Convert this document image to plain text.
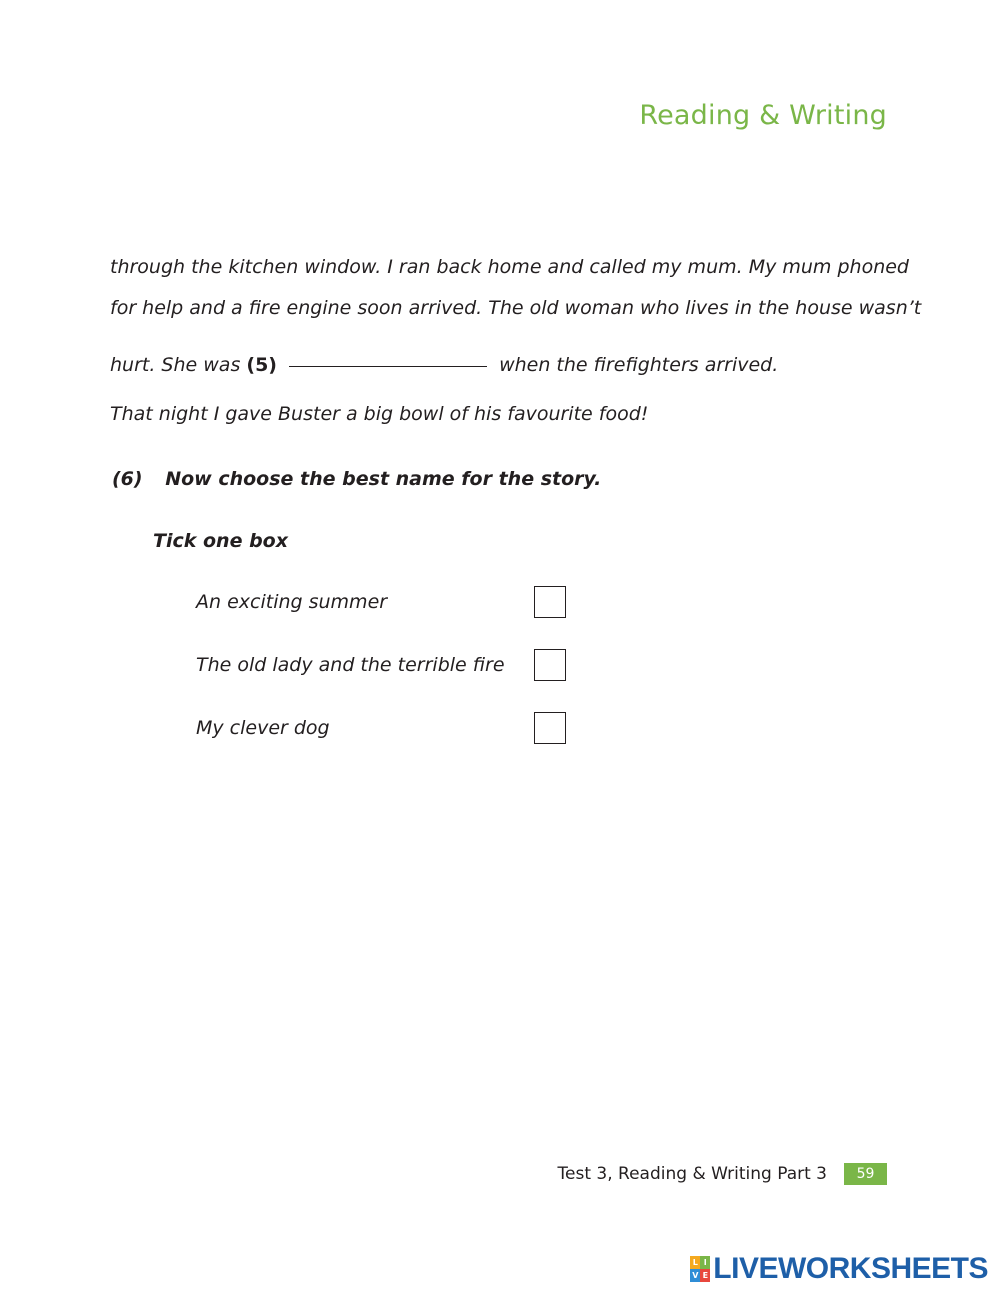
Reading & Writing
through the kitchen window. I ran back home and called my mum. My mum phoned
for help and a fire engine soon arrived. The old woman who lives in the house wasn’t
hurt. She was (5)	when the firefighters arrived.
That night I gave Buster a big bowl of his favourite food!
(6) Now choose the best name for the story.
Tick one box
An exciting summer
The old lady and the terrible fire
My clever dog
Test 3, Reading & Writing Part 3	59
L I
V E LIVEWORKSHEETS
